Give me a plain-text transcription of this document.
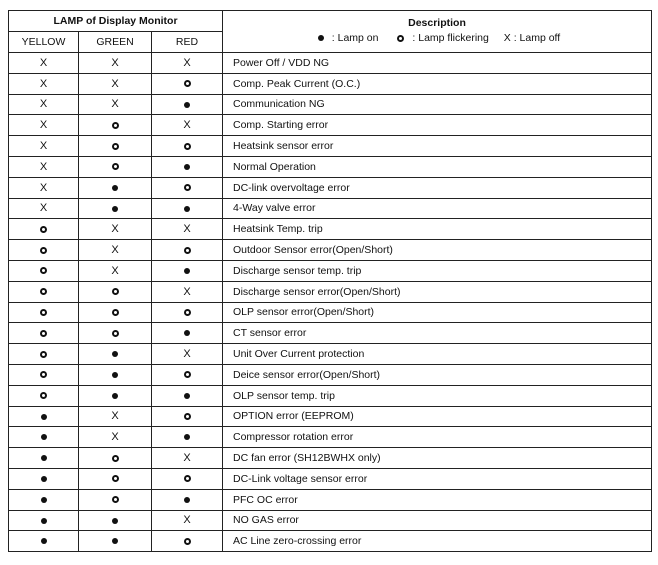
LAMP of Display Monitor			Description
: Lamp on : Lamp flickering X : Lamp off
YELLOW	GREEN	RED	
X	X	X	Power Off / VDD NG
X	X		Comp. Peak Current (O.C.)
X	X		Communication NG
X		X	Comp. Starting error
X			Heatsink sensor error
X			Normal Operation
X			DC-link overvoltage error
X			4-Way valve error
	X	X	Heatsink Temp. trip
	X		Outdoor Sensor error(Open/Short)
	X		Discharge sensor temp. trip
		X	Discharge sensor error(Open/Short)
			OLP sensor error(Open/Short)
			CT sensor error
		X	Unit Over Current protection
			Deice sensor error(Open/Short)
			OLP sensor temp. trip
	X		OPTION error (EEPROM)
	X		Compressor rotation error
		X	DC fan error (SH12BWHX only)
			DC-Link voltage sensor error
			PFC OC error
		X	NO GAS error
			AC Line zero-crossing error
